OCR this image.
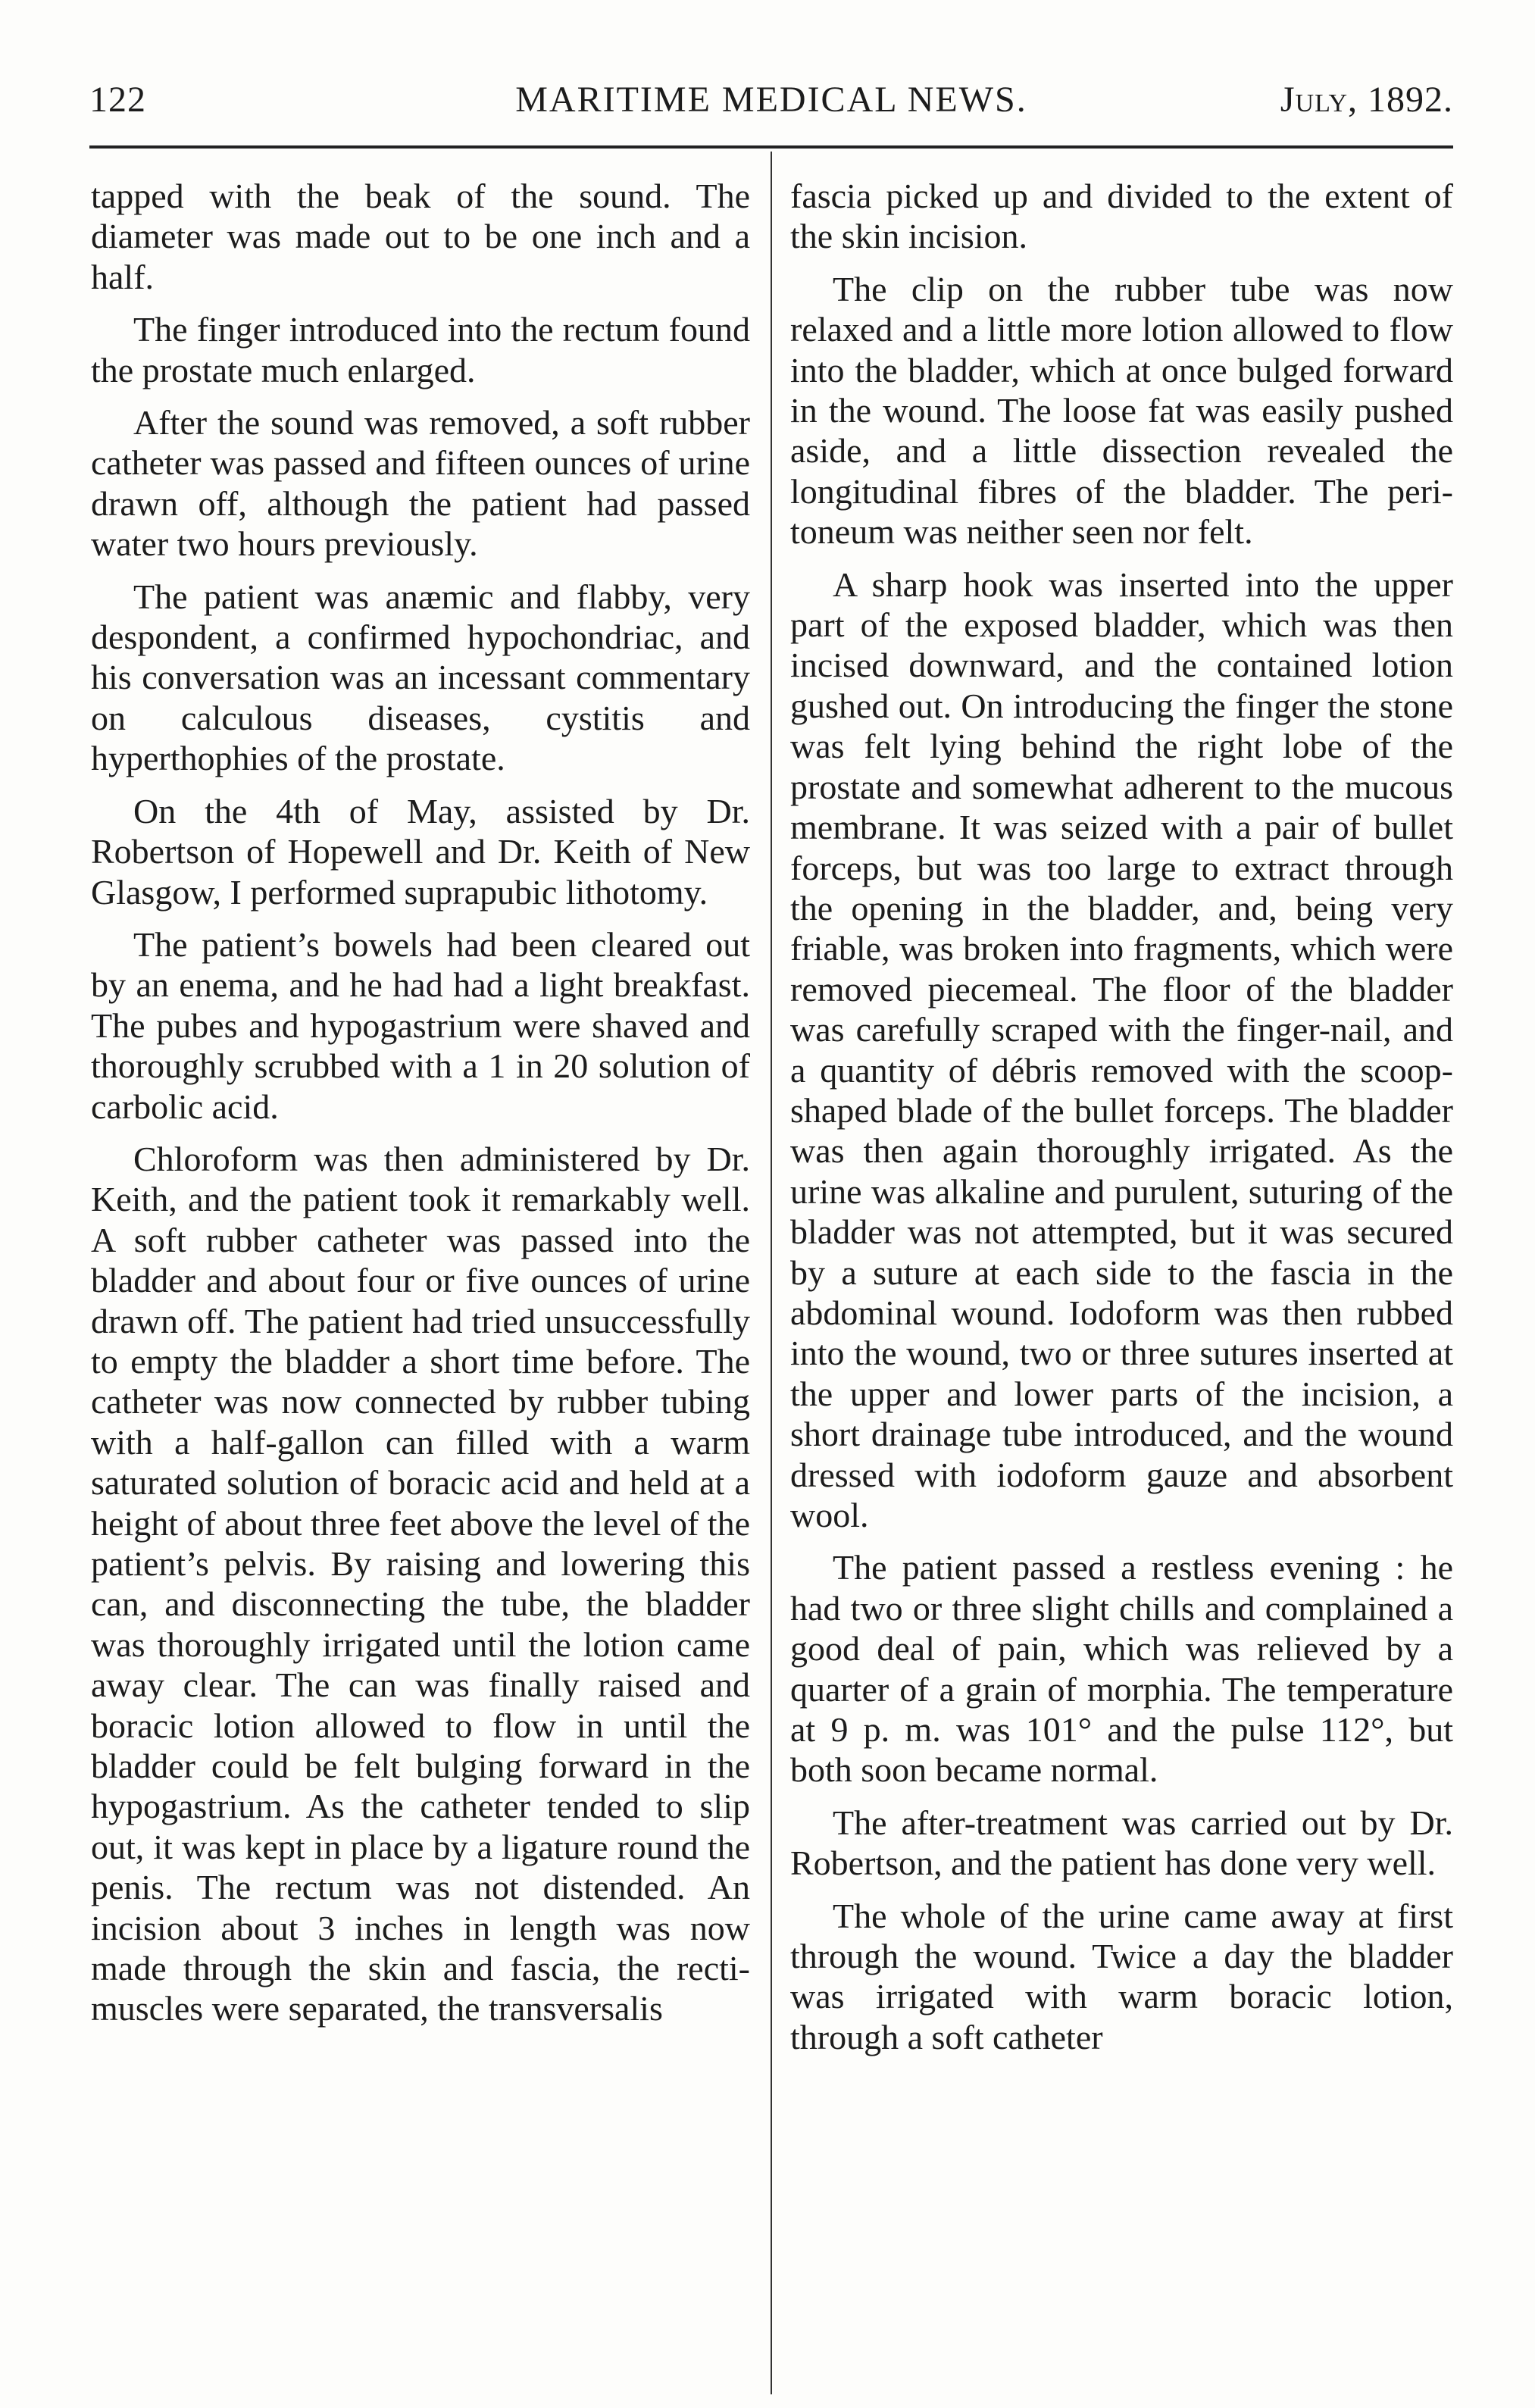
122	MARITIME MEDICAL NEWS.	July, 1892.

tapped with the beak of the sound. The diameter was made out to be one inch and a half.

The finger introduced into the rectum found the prostate much enlarged.

After the sound was removed, a soft rubber catheter was passed and fifteen ounces of urine drawn off, although the patient had passed water two hours previously.

The patient was anæmic and flabby, very despondent, a confirmed hypochondriac, and his conversation was an incessant commentary on calculous diseases, cystitis and hyperthophies of the prostate.

On the 4th of May, assisted by Dr. Robertson of Hopewell and Dr. Keith of New Glasgow, I performed suprapubic lithotomy.

The patient’s bowels had been cleared out by an enema, and he had had a light breakfast. The pubes and hypogastrium were shaved and thoroughly scrubbed with a 1 in 20 solution of carbolic acid.

Chloroform was then administered by Dr. Keith, and the patient took it remarkably well. A soft rubber catheter was passed into the bladder and about four or five ounces of urine drawn off. The patient had tried unsuccessfully to empty the bladder a short time before. The catheter was now connected by rubber tubing with a half-gallon can filled with a warm saturated solution of boracic acid and held at a height of about three feet above the level of the patient’s pelvis. By raising and lowering this can, and disconnecting the tube, the bladder was thoroughly irrigated until the lotion came away clear. The can was finally raised and boracic lotion allowed to flow in until the bladder could be felt bulging forward in the hypogastrium. As the catheter tended to slip out, it was kept in place by a ligature round the penis. The rectum was not distended. An incision about 3 inches in length was now made through the skin and fascia, the rectimuscles were separated, the transversalis

fascia picked up and divided to the extent of the skin incision.

The clip on the rubber tube was now relaxed and a little more lotion allowed to flow into the bladder, which at once bulged forward in the wound. The loose fat was easily pushed aside, and a little dissection revealed the longitudinal fibres of the bladder. The peritoneum was neither seen nor felt.

A sharp hook was inserted into the upper part of the exposed bladder, which was then incised downward, and the contained lotion gushed out. On introducing the finger the stone was felt lying behind the right lobe of the prostate and somewhat adherent to the mucous membrane. It was seized with a pair of bullet forceps, but was too large to extract through the opening in the bladder, and, being very friable, was broken into fragments, which were removed piecemeal. The floor of the bladder was carefully scraped with the finger-nail, and a quantity of débris removed with the scoop-shaped blade of the bullet forceps. The bladder was then again thoroughly irrigated. As the urine was alkaline and purulent, suturing of the bladder was not attempted, but it was secured by a suture at each side to the fascia in the abdominal wound. Iodoform was then rubbed into the wound, two or three sutures inserted at the upper and lower parts of the incision, a short drainage tube introduced, and the wound dressed with iodoform gauze and absorbent wool.

The patient passed a restless evening : he had two or three slight chills and complained a good deal of pain, which was relieved by a quarter of a grain of morphia. The temperature at 9 p. m. was 101° and the pulse 112°, but both soon became normal.

The after-treatment was carried out by Dr. Robertson, and the patient has done very well.

The whole of the urine came away at first through the wound. Twice a day the bladder was irrigated with warm boracic lotion, through a soft catheter
